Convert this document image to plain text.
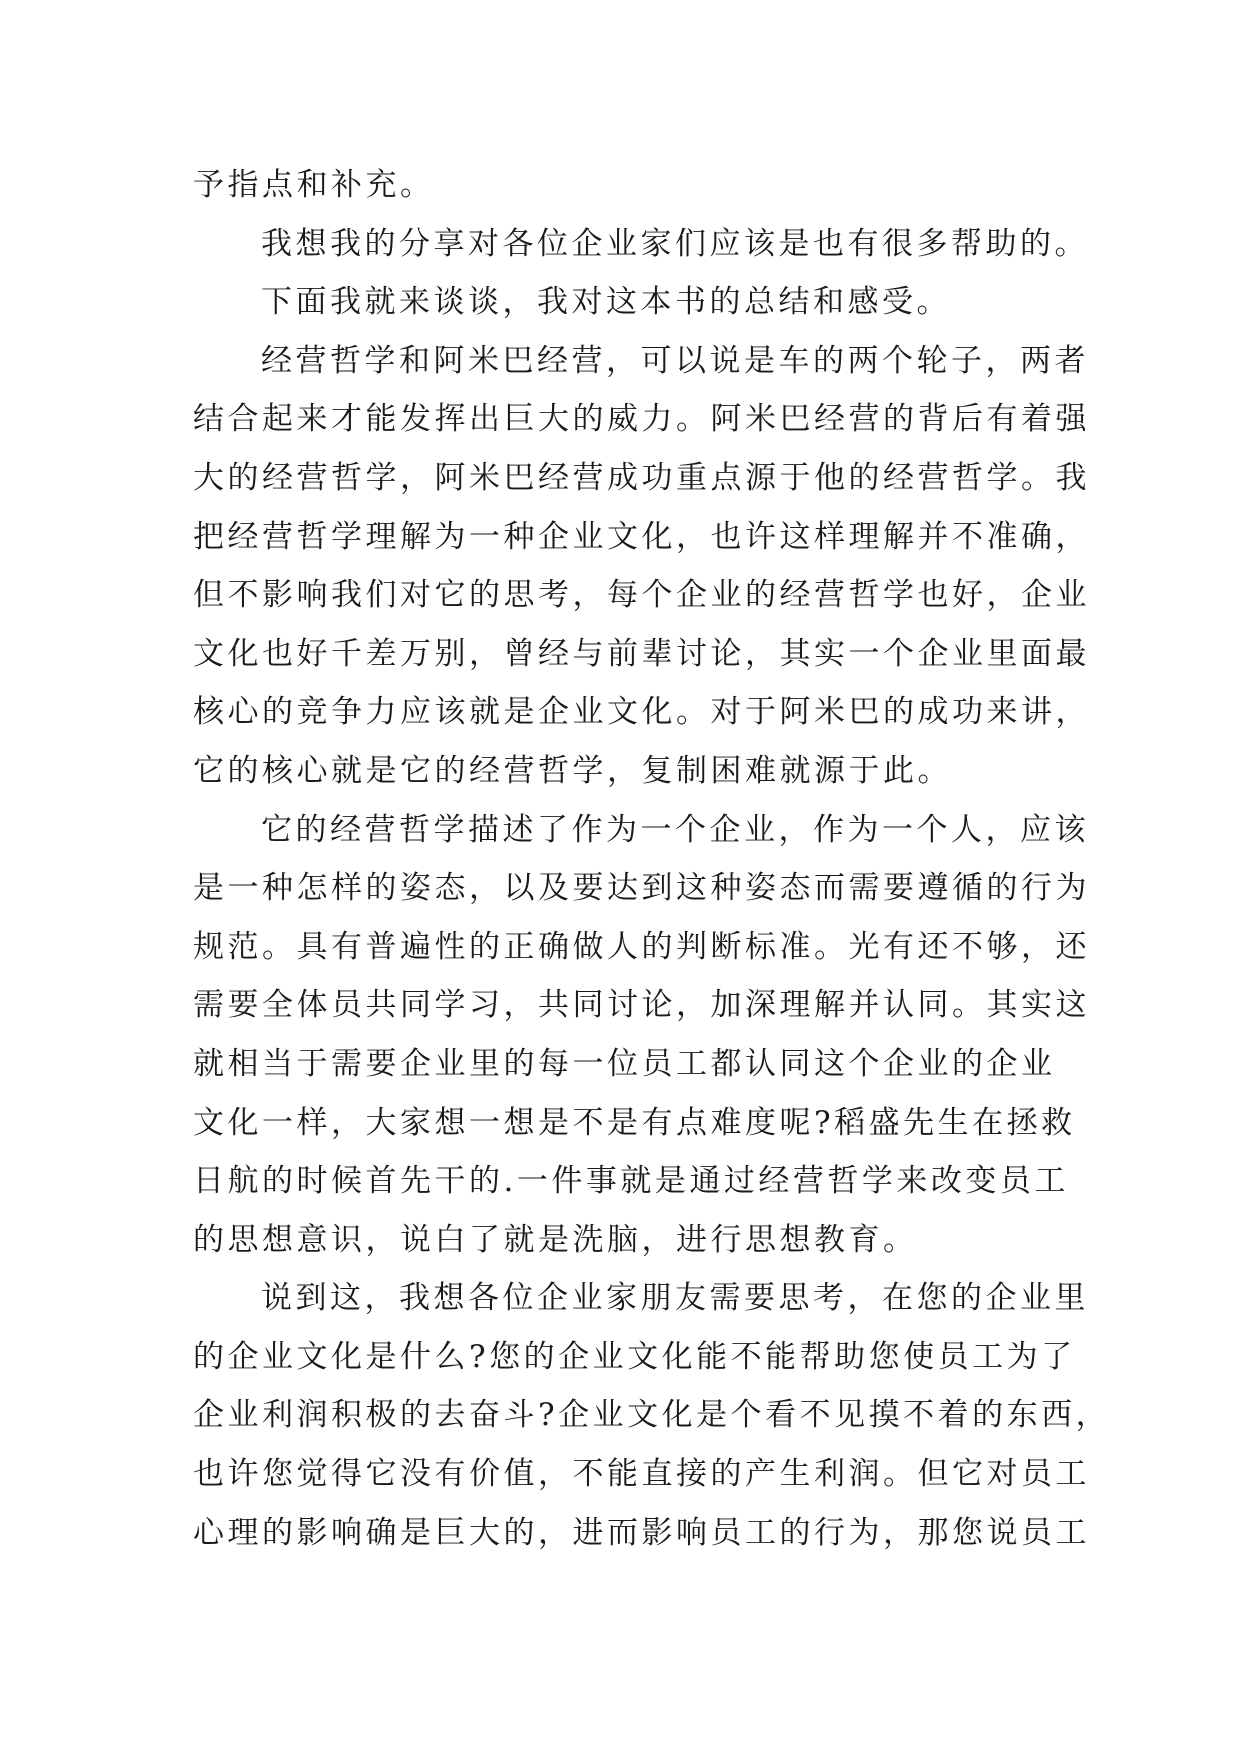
予指点和补充。
我想我的分享对各位企业家们应该是也有很多帮助的。
下面我就来谈谈，我对这本书的总结和感受。
经营哲学和阿米巴经营，可以说是车的两个轮子，两者
结合起来才能发挥出巨大的威力。阿米巴经营的背后有着强
大的经营哲学，阿米巴经营成功重点源于他的经营哲学。我
把经营哲学理解为一种企业文化，也许这样理解并不准确，
但不影响我们对它的思考，每个企业的经营哲学也好，企业
文化也好千差万别，曾经与前辈讨论，其实一个企业里面最
核心的竞争力应该就是企业文化。对于阿米巴的成功来讲，
它的核心就是它的经营哲学，复制困难就源于此。
它的经营哲学描述了作为一个企业，作为一个人，应该
是一种怎样的姿态，以及要达到这种姿态而需要遵循的行为
规范。具有普遍性的正确做人的判断标准。光有还不够，还
需要全体员共同学习，共同讨论，加深理解并认同。其实这
就相当于需要企业里的每一位员工都认同这个企业的企业
文化一样，大家想一想是不是有点难度呢?稻盛先生在拯救
日航的时候首先干的.一件事就是通过经营哲学来改变员工
的思想意识，说白了就是洗脑，进行思想教育。
说到这，我想各位企业家朋友需要思考，在您的企业里
的企业文化是什么?您的企业文化能不能帮助您使员工为了
企业利润积极的去奋斗?企业文化是个看不见摸不着的东西，
也许您觉得它没有价值，不能直接的产生利润。但它对员工
心理的影响确是巨大的，进而影响员工的行为，那您说员工
